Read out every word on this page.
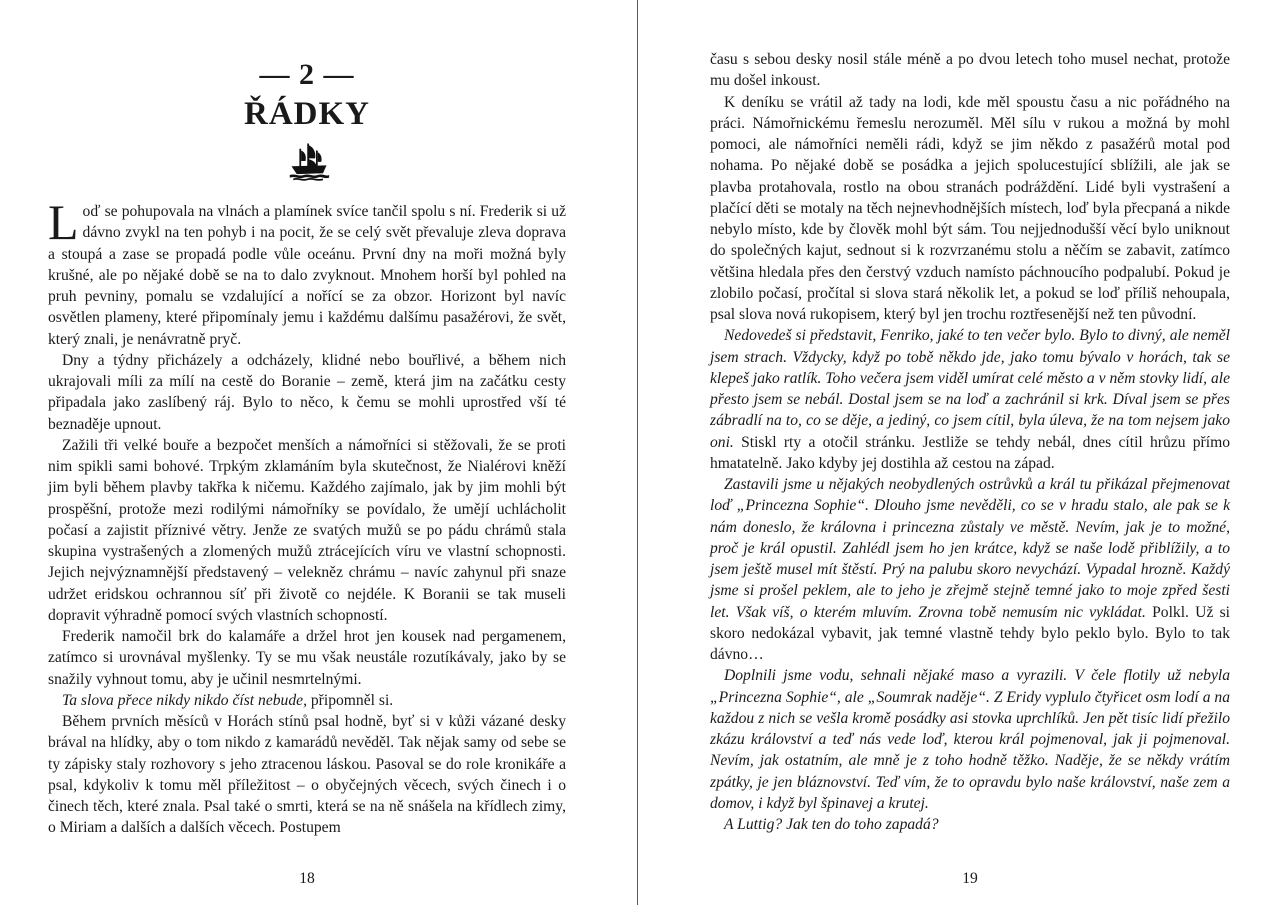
— 2 —
ŘÁDKY

Loď se pohupovala na vlnách a plamínek svíce tančil spolu s ní. Frederik si už dávno zvykl na ten pohyb i na pocit, že se celý svět převaluje zleva doprava a stoupá a zase se propadá podle vůle oceánu. První dny na moři možná byly krušné, ale po nějaké době se na to dalo zvyknout. Mnohem horší byl pohled na pruh pevniny, pomalu se vzdalující a nořící se za obzor. Horizont byl navíc osvětlen plameny, které připomínaly jemu i každému dalšímu pasažérovi, že svět, který znali, je nenávratně pryč.

Dny a týdny přicházely a odcházely, klidné nebo bouřlivé, a během nich ukrajovali míli za mílí na cestě do Boranie – země, která jim na začátku cesty připadala jako zaslíbený ráj. Bylo to něco, k čemu se mohli uprostřed vší té beznaděje upnout.

Zažili tři velké bouře a bezpočet menších a námořníci si stěžovali, že se proti nim spikli sami bohové. Trpkým zklamáním byla skutečnost, že Nialérovi kněží jim byli během plavby takřka k ničemu. Každého zajímalo, jak by jim mohli být prospěšní, protože mezi rodilými námořníky se povídalo, že umějí uchlácholit počasí a zajistit příznivé větry. Jenže ze svatých mužů se po pádu chrámů stala skupina vystrašených a zlomených mužů ztrácejících víru ve vlastní schopnosti. Jejich nejvýznamnější představený – velekněz chrámu – navíc zahynul při snaze udržet eridskou ochrannou síť při životě co nejdéle. K Boranii se tak museli dopravit výhradně pomocí svých vlastních schopností.

Frederik namočil brk do kalamáře a držel hrot jen kousek nad pergamenem, zatímco si urovnával myšlenky. Ty se mu však neustále rozutíkávaly, jako by se snažily vyhnout tomu, aby je učinil nesmrtelnými.

Ta slova přece nikdy nikdo číst nebude, připomněl si.

Během prvních měsíců v Horách stínů psal hodně, byť si v kůži vázané desky brával na hlídky, aby o tom nikdo z kamarádů nevěděl. Tak nějak samy od sebe se ty zápisky staly rozhovory s jeho ztracenou láskou. Pasoval se do role kronikáře a psal, kdykoliv k tomu měl příležitost – o obyčejných věcech, svých činech i o činech těch, které znala. Psal také o smrti, která se na ně snášela na křídlech zimy, o Miriam a dalších a dalších věcech. Postupem

18

času s sebou desky nosil stále méně a po dvou letech toho musel nechat, protože mu došel inkoust.

K deníku se vrátil až tady na lodi, kde měl spoustu času a nic pořádného na práci. Námořnickému řemeslu nerozuměl. Měl sílu v rukou a možná by mohl pomoci, ale námořníci neměli rádi, když se jim někdo z pasažérů motal pod nohama. Po nějaké době se posádka a jejich spolucestující sblížili, ale jak se plavba protahovala, rostlo na obou stranách podráždění. Lidé byli vystrašení a plačící děti se motaly na těch nejnevhodnějších místech, loď byla přecpaná a nikde nebylo místo, kde by člověk mohl být sám. Tou nejjednodušší věcí bylo uniknout do společných kajut, sednout si k rozvrzanému stolu a něčím se zabavit, zatímco většina hledala přes den čerstvý vzduch namísto páchnoucího podpalubí. Pokud je zlobilo počasí, pročítal si slova stará několik let, a pokud se loď příliš nehoupala, psal slova nová rukopisem, který byl jen trochu roztřesenější než ten původní.

Nedovedeš si představit, Fenriko, jaké to ten večer bylo. Bylo to divný, ale neměl jsem strach. Vždycky, když po tobě někdo jde, jako tomu bývalo v horách, tak se klepeš jako ratlík. Toho večera jsem viděl umírat celé město a v něm stovky lidí, ale přesto jsem se nebál. Dostal jsem se na loď a zachránil si krk. Díval jsem se přes zábradlí na to, co se děje, a jediný, co jsem cítil, byla úleva, že na tom nejsem jako oni. Stiskl rty a otočil stránku. Jestliže se tehdy nebál, dnes cítil hrůzu přímo hmatatelně. Jako kdyby jej dostihla až cestou na západ.

Zastavili jsme u nějakých neobydlených ostrůvků a král tu přikázal přejmenovat loď „Princezna Sophie“. Dlouho jsme nevěděli, co se v hradu stalo, ale pak se k nám doneslo, že královna i princezna zůstaly ve městě. Nevím, jak je to možné, proč je král opustil. Zahlédl jsem ho jen krátce, když se naše lodě přiblížily, a to jsem ještě musel mít štěstí. Prý na palubu skoro nevychází. Vypadal hrozně. Každý jsme si prošel peklem, ale to jeho je zřejmě stejně temné jako to moje zpřed šesti let. Však víš, o kterém mluvím. Zrovna tobě nemusím nic vykládat. Polkl. Už si skoro nedokázal vybavit, jak temné vlastně tehdy bylo peklo bylo. Bylo to tak dávno…

Doplnili jsme vodu, sehnali nějaké maso a vyrazili. V čele flotily už nebyla „Princezna Sophie“, ale „Soumrak naděje“. Z Eridy vyplulo čtyřicet osm lodí a na každou z nich se vešla kromě posádky asi stovka uprchlíků. Jen pět tisíc lidí přežilo zkázu království a teď nás vede loď, kterou král pojmenoval, jak ji pojmenoval. Nevím, jak ostatním, ale mně je z toho hodně těžko. Naděje, že se někdy vrátím zpátky, je jen bláznovství. Teď vím, že to opravdu bylo naše království, naše zem a domov, i když byl špinavej a krutej.

A Luttig? Jak ten do toho zapadá?

19
